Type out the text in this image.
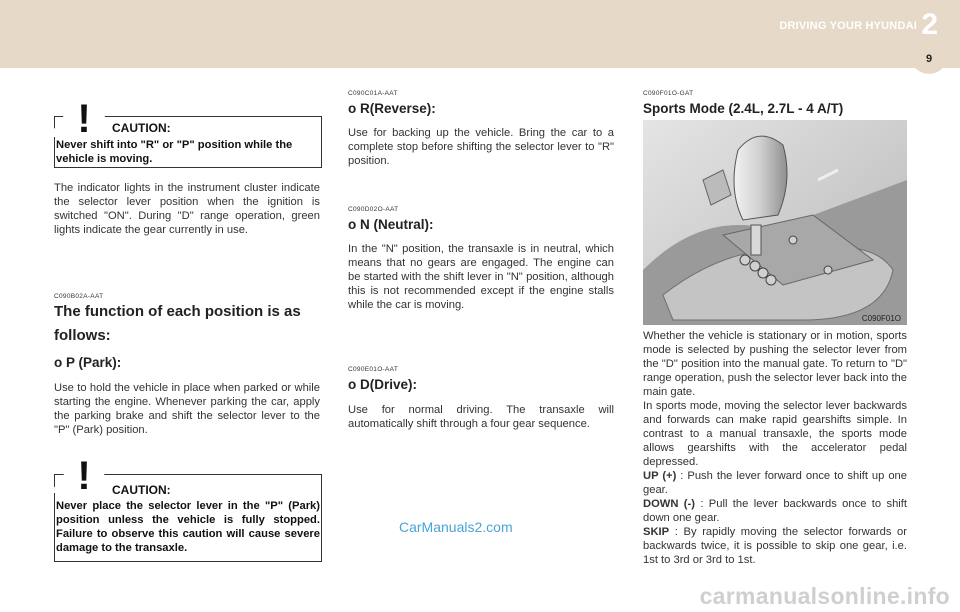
DRIVING YOUR HYUNDAI 2
9
! CAUTION:
Never shift into "R" or "P" position while the vehicle is moving.
The indicator lights in the instrument cluster indicate the selector lever position when the ignition is switched "ON". During "D" range operation, green lights indicate the gear currently in use.
C090B02A-AAT
The function of each position is as follows:
o P (Park):
Use to hold the vehicle in place when parked or while starting the engine. Whenever parking the car, apply the parking brake and shift the selector lever to the "P" (Park) position.
! CAUTION:
Never place the selector lever in the "P" (Park) position unless the vehicle is fully stopped. Failure to observe this caution will cause severe damage to the transaxle.
C090C01A-AAT
o R(Reverse):
Use for backing up the vehicle. Bring the car to a complete stop before shifting the selector lever to "R" position.
C090D02O-AAT
o N (Neutral):
In the "N" position, the transaxle is in neutral, which means that no gears are engaged. The engine can be started with the shift lever in "N" position, although this is not recommended except if the engine stalls while the car is moving.
C090E01O-AAT
o D(Drive):
Use for normal driving. The transaxle will automatically shift through a four gear sequence.
CarManuals2.com
C090F01O-GAT
Sports Mode (2.4L, 2.7L - 4 A/T)
C090F01O
Whether the vehicle is stationary or in motion, sports mode is selected by pushing the selector lever from the "D" position into the manual gate. To return to "D" range operation, push the selector lever back into the main gate.
In sports mode, moving the selector lever backwards and forwards can make rapid gearshifts simple. In contrast to a manual transaxle, the sports mode allows gearshifts with the accelerator pedal depressed.
UP (+) : Push the lever forward once to shift up one gear.
DOWN (-) : Pull the lever backwards once to shift down one gear.
SKIP : By rapidly moving the selector forwards or backwards twice, it is possible to skip one gear, i.e. 1st to 3rd or 3rd to 1st.
carmanualsonline.info
